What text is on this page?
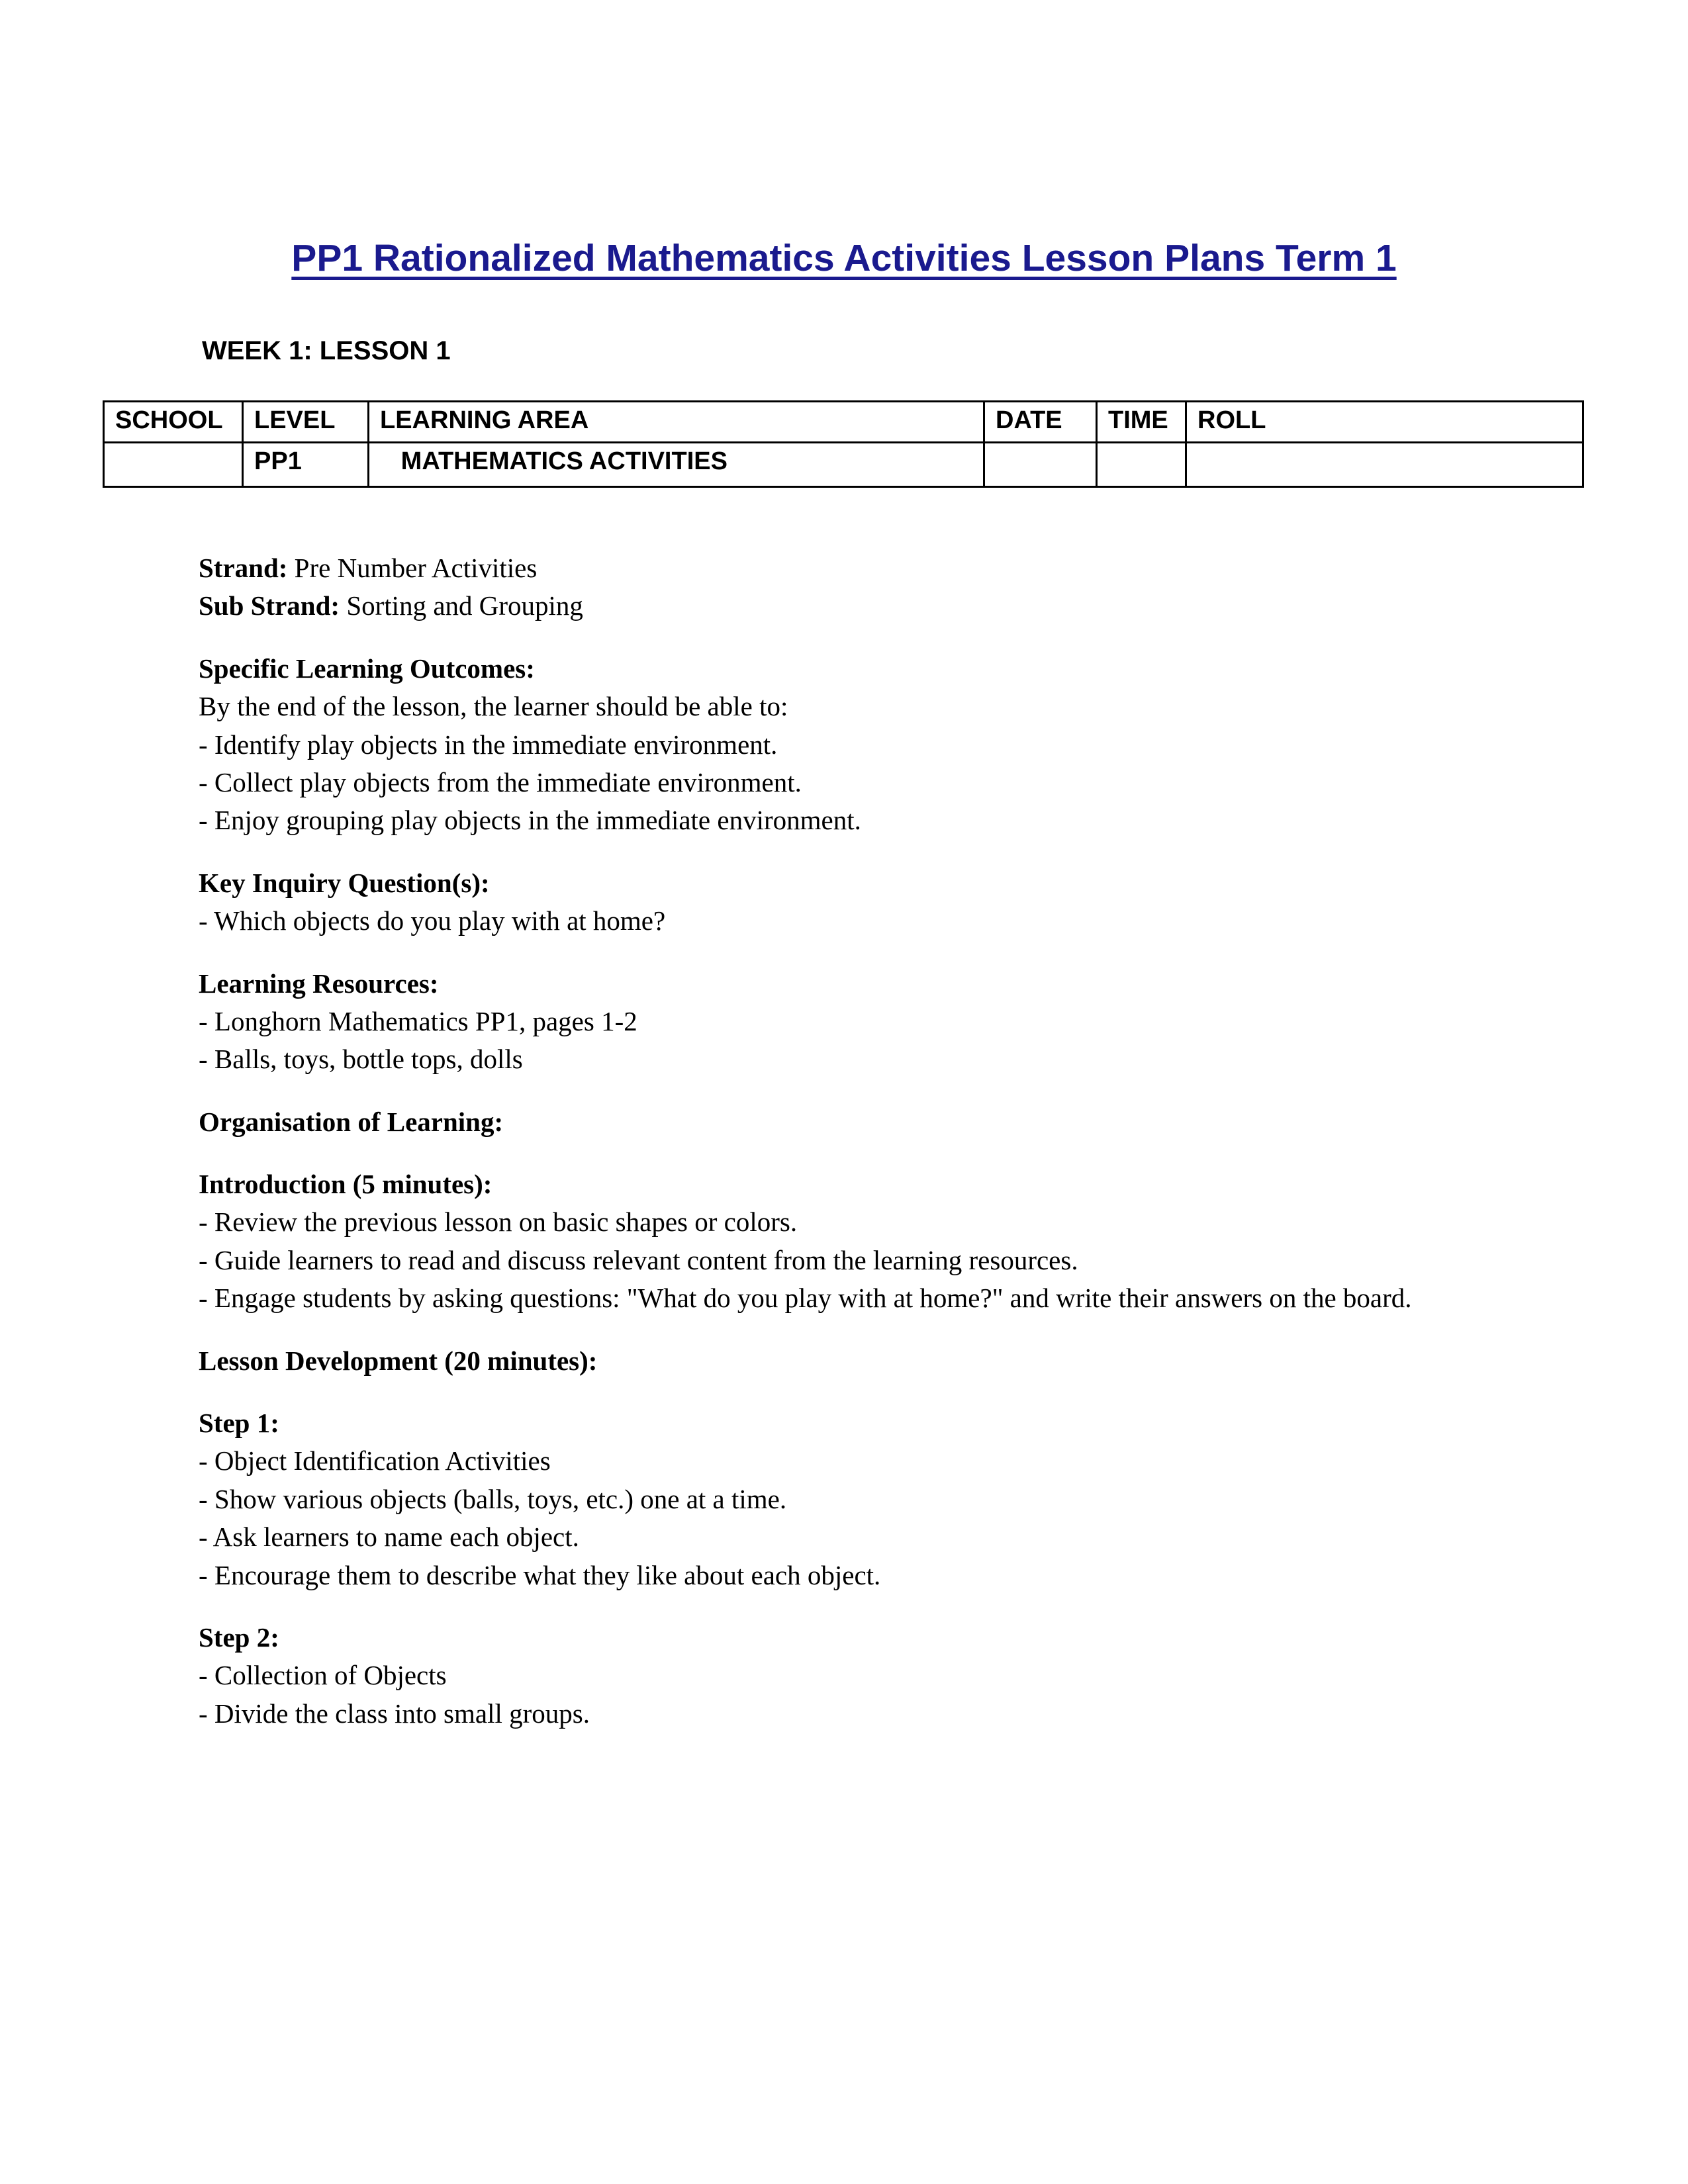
PP1 Rationalized Mathematics Activities Lesson Plans Term 1
WEEK 1: LESSON 1
SCHOOL	LEVEL	LEARNING AREA	DATE	TIME	ROLL
	PP1	MATHEMATICS ACTIVITIES			

Strand: Pre Number Activities

Sub Strand: Sorting and Grouping

Specific Learning Outcomes:

By the end of the lesson, the learner should be able to:

- Identify play objects in the immediate environment.

- Collect play objects from the immediate environment.

- Enjoy grouping play objects in the immediate environment.

Key Inquiry Question(s):

- Which objects do you play with at home?

Learning Resources:

- Longhorn Mathematics PP1, pages 1-2

- Balls, toys, bottle tops, dolls

Organisation of Learning:

Introduction (5 minutes):

- Review the previous lesson on basic shapes or colors.

- Guide learners to read and discuss relevant content from the learning resources.

- Engage students by asking questions: "What do you play with at home?" and write their answers on the board.

Lesson Development (20 minutes):

Step 1:

- Object Identification Activities

- Show various objects (balls, toys, etc.) one at a time.

- Ask learners to name each object.

- Encourage them to describe what they like about each object.

Step 2:

- Collection of Objects

- Divide the class into small groups.
